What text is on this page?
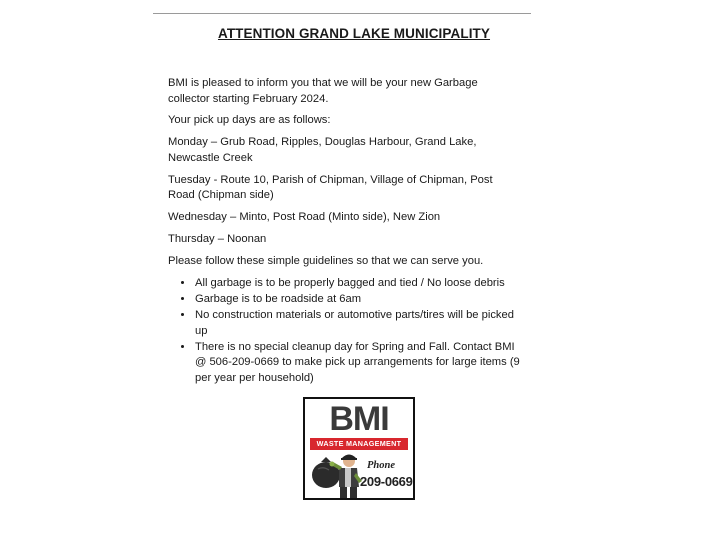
ATTENTION GRAND LAKE MUNICIPALITY

BMI is pleased to inform you that we will be your new Garbage collector starting February 2024.

Your pick up days are as follows:

Monday – Grub Road, Ripples, Douglas Harbour, Grand Lake, Newcastle Creek

Tuesday - Route 10, Parish of Chipman, Village of Chipman, Post Road (Chipman side)

Wednesday – Minto, Post Road (Minto side), New Zion

Thursday – Noonan

Please follow these simple guidelines so that we can serve you.

• All garbage is to be properly bagged and tied / No loose debris
• Garbage is to be roadside at 6am
• No construction materials or automotive parts/tires will be picked up
• There is no special cleanup day for Spring and Fall. Contact BMI @ 506-209-0669 to make pick up arrangements for large items (9 per year per household)
BMI
WASTE MANAGEMENT
Phone
209-0669
